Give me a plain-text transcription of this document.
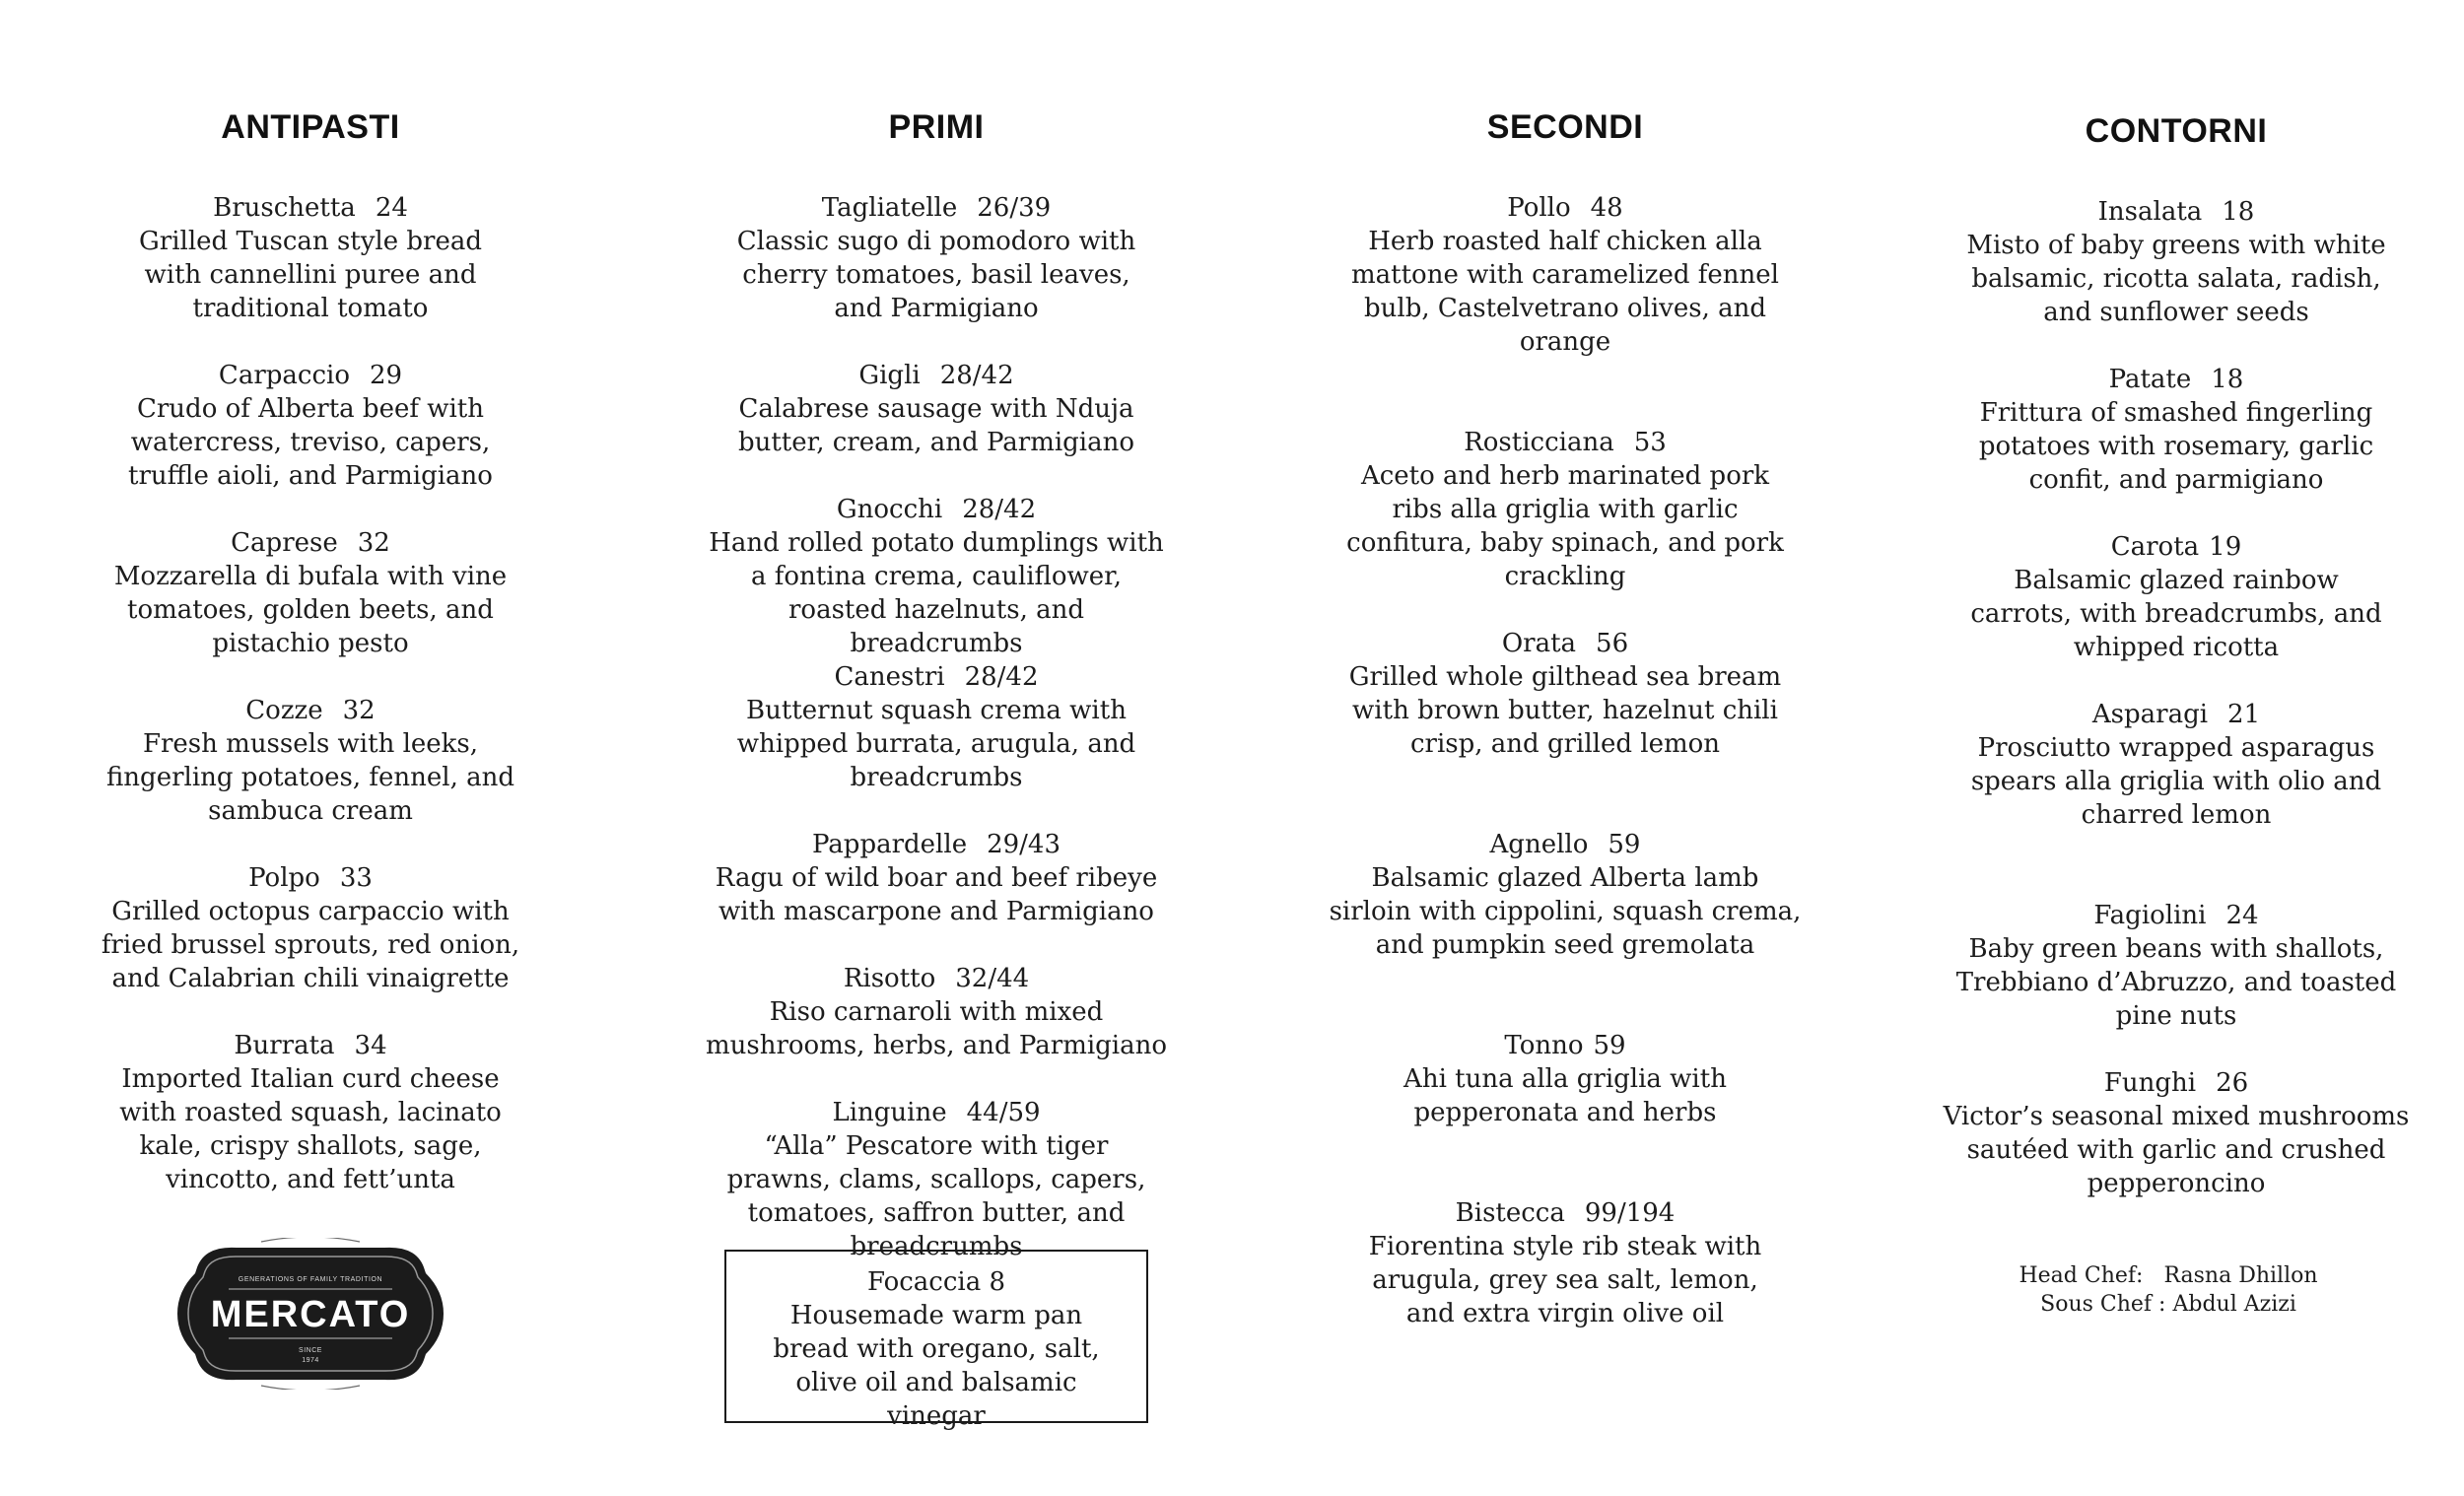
ANTIPASTI
Bruschetta 24
Grilled Tuscan style bread with cannellini puree and traditional tomato
Carpaccio 29
Crudo of Alberta beef with watercress, treviso, capers, truffle aioli, and Parmigiano
Caprese 32
Mozzarella di bufala with vine tomatoes, golden beets, and pistachio pesto
Cozze 32
Fresh mussels with leeks, fingerling potatoes, fennel, and sambuca cream
Polpo 33
Grilled octopus carpaccio with fried brussel sprouts, red onion, and Calabrian chili vinaigrette
Burrata 34
Imported Italian curd cheese with roasted squash, lacinato kale, crispy shallots, sage, vincotto, and fett’unta
PRIMI
Tagliatelle 26/39
Classic sugo di pomodoro with cherry tomatoes, basil leaves, and Parmigiano
Gigli 28/42
Calabrese sausage with Nduja butter, cream, and Parmigiano
Gnocchi 28/42
Hand rolled potato dumplings with a fontina crema, cauliflower, roasted hazelnuts, and breadcrumbs
Canestri 28/42
Butternut squash crema with whipped burrata, arugula, and breadcrumbs
Pappardelle 29/43
Ragu of wild boar and beef ribeye with mascarpone and Parmigiano
Risotto 32/44
Riso carnaroli with mixed mushrooms, herbs, and Parmigiano
Linguine 44/59
“Alla” Pescatore with tiger prawns, clams, scallops, capers, tomatoes, saffron butter, and breadcrumbs
Focaccia 8
Housemade warm pan bread with oregano, salt, olive oil and balsamic vinegar
SECONDI
Pollo 48
Herb roasted half chicken alla mattone with caramelized fennel bulb, Castelvetrano olives, and orange
Rosticciana 53
Aceto and herb marinated pork ribs alla griglia with garlic confitura, baby spinach, and pork crackling
Orata 56
Grilled whole gilthead sea bream with brown butter, hazelnut chili crisp, and grilled lemon
Agnello 59
Balsamic glazed Alberta lamb sirloin with cippolini, squash crema, and pumpkin seed gremolata
Tonno 59
Ahi tuna alla griglia with pepperonata and herbs
Bistecca 99/194
Fiorentina style rib steak with arugula, grey sea salt, lemon, and extra virgin olive oil
CONTORNI
Insalata 18
Misto of baby greens with white balsamic, ricotta salata, radish, and sunflower seeds
Patate 18
Frittura of smashed fingerling potatoes with rosemary, garlic confit, and parmigiano
Carota 19
Balsamic glazed rainbow carrots, with breadcrumbs, and whipped ricotta
Asparagi 21
Prosciutto wrapped asparagus spears alla griglia with olio and charred lemon
Fagiolini 24
Baby green beans with shallots, Trebbiano d’Abruzzo, and toasted pine nuts
Funghi 26
Victor’s seasonal mixed mushrooms sautéed with garlic and crushed pepperoncino
GENERATIONS OF FAMILY TRADITION
MERCATO
SINCE
1974
Head Chef: Rasna Dhillon
Sous Chef : Abdul Azizi
